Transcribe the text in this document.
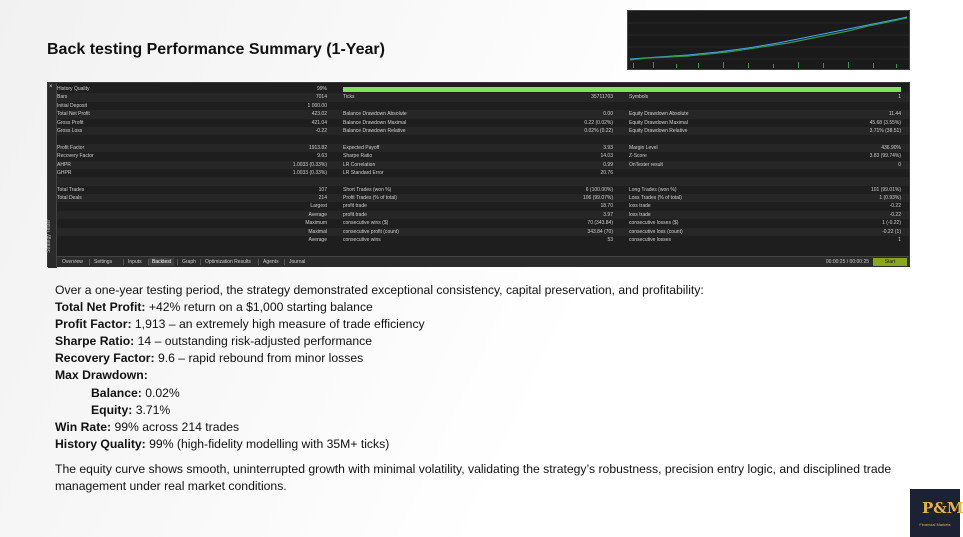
Back testing Performance Summary (1-Year)
×
Strategy Tester
History Quality	99%
Bars	7014	Ticks	35711703	Symbols	1
Initial Deposit	1 000.00
Total Net Profit	423.02	Balance Drawdown Absolute	0.00	Equity Drawdown Absolute	11.44
Gross Profit	421.04	Balance Drawdown Maximal	0.22 (0.02%)	Equity Drawdown Maximal	45.68 (3.55%)
Gross Loss	-0.22	Balance Drawdown Relative	0.02% (0.22)	Equity Drawdown Relative	3.71% (38.51)
Profit Factor	1913.82	Expected Payoff	3.93	Margin Level	436.90%
Recovery Factor	9.63	Sharpe Ratio	14.03	Z-Score	3.83 (99.74%)
AHPR	1.0033 (0.33%)	LR Correlation	0.99	OnTester result	0
GHPR	1.0033 (0.33%)	LR Standard Error	20.76
Total Trades	107	Short Trades (won %)	6 (100.00%)	Long Trades (won %)	101 (99.01%)
Total Deals	214	Profit Trades (% of total)	106 (99.07%)	Loss Trades (% of total)	1 (0.93%)
Largest	profit trade	18.70	loss trade	-0.22
Average	profit trade	3.97	loss trade	-0.22
Maximum	consecutive wins ($)	70 (343.84)	consecutive losses ($)	1 (-0.22)
Maximal	consecutive profit (count)	343.84 (70)	consecutive loss (count)	-0.22 (1)
Average	consecutive wins	53	consecutive losses	1
Overview	Settings	Inputs	Backtest	Graph	Optimization Results	Agents	Journal	00:00:25 / 00:00:25	Start

Over a one-year testing period, the strategy demonstrated exceptional consistency, capital preservation, and profitability:

Total Net Profit: +42% return on a $1,000 starting balance

Profit Factor: 1,913 – an extremely high measure of trade efficiency

Sharpe Ratio: 14 – outstanding risk-adjusted performance

Recovery Factor: 9.6 – rapid rebound from minor losses

Max Drawdown:

Balance: 0.02%

Equity: 3.71%

Win Rate: 99% across 214 trades

History Quality: 99% (high-fidelity modelling with 35M+ ticks)

The equity curve shows smooth, uninterrupted growth with minimal volatility, validating the strategy’s robustness, precision entry logic, and disciplined trade management under real market conditions.

P&M
Financial Markets
